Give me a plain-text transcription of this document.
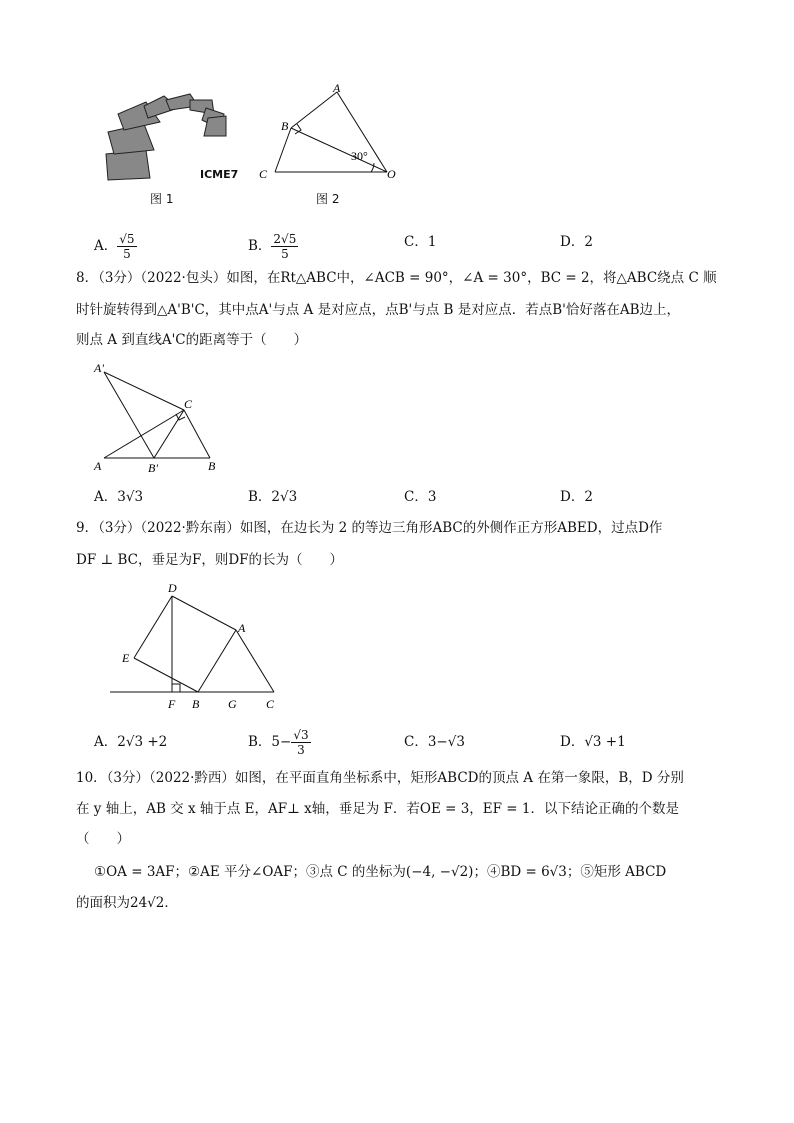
ICME7
图 1
A
B
C	O
30°
图 2
A． $\frac{√5}{5}$	B． $\frac{2√5}{5}$	C．1	D．2
8．（3分）（2022·包头）如图，在Rt△ABC中，∠ACB = 90°，∠A = 30°，BC = 2，将△ABC绕点 C 顺
时针旋转得到△A'B'C，其中点A'与点 A 是对应点，点B'与点 B 是对应点．若点B'恰好落在AB边上，
则点 A 到直线A'C的距离等于（　　）
A'
C
A	B'	B
A．3√3	B．2√3	C．3	D．2
9．（3分）（2022·黔东南）如图，在边长为 2 的等边三角形ABC的外侧作正方形ABED，过点D作
DF ⊥ BC，垂足为F，则DF的长为（　　）
D
A
E
F B G C
A．2√3 +2	B．$5- \frac{√3}{3}$	C．3−√3	D．√3 +1
10．（3分）（2022·黔西）如图，在平面直角坐标系中，矩形ABCD的顶点 A 在第一象限，B，D 分别
在 y 轴上，AB 交 x 轴于点 E，AF⊥ x轴，垂足为 F．若OE = 3，EF = 1．以下结论正确的个数是
（　　）
①OA = 3AF；②AE 平分∠OAF；③点 C 的坐标为(−4, −√2)；④BD = 6√3；⑤矩形 ABCD
的面积为24√2．
